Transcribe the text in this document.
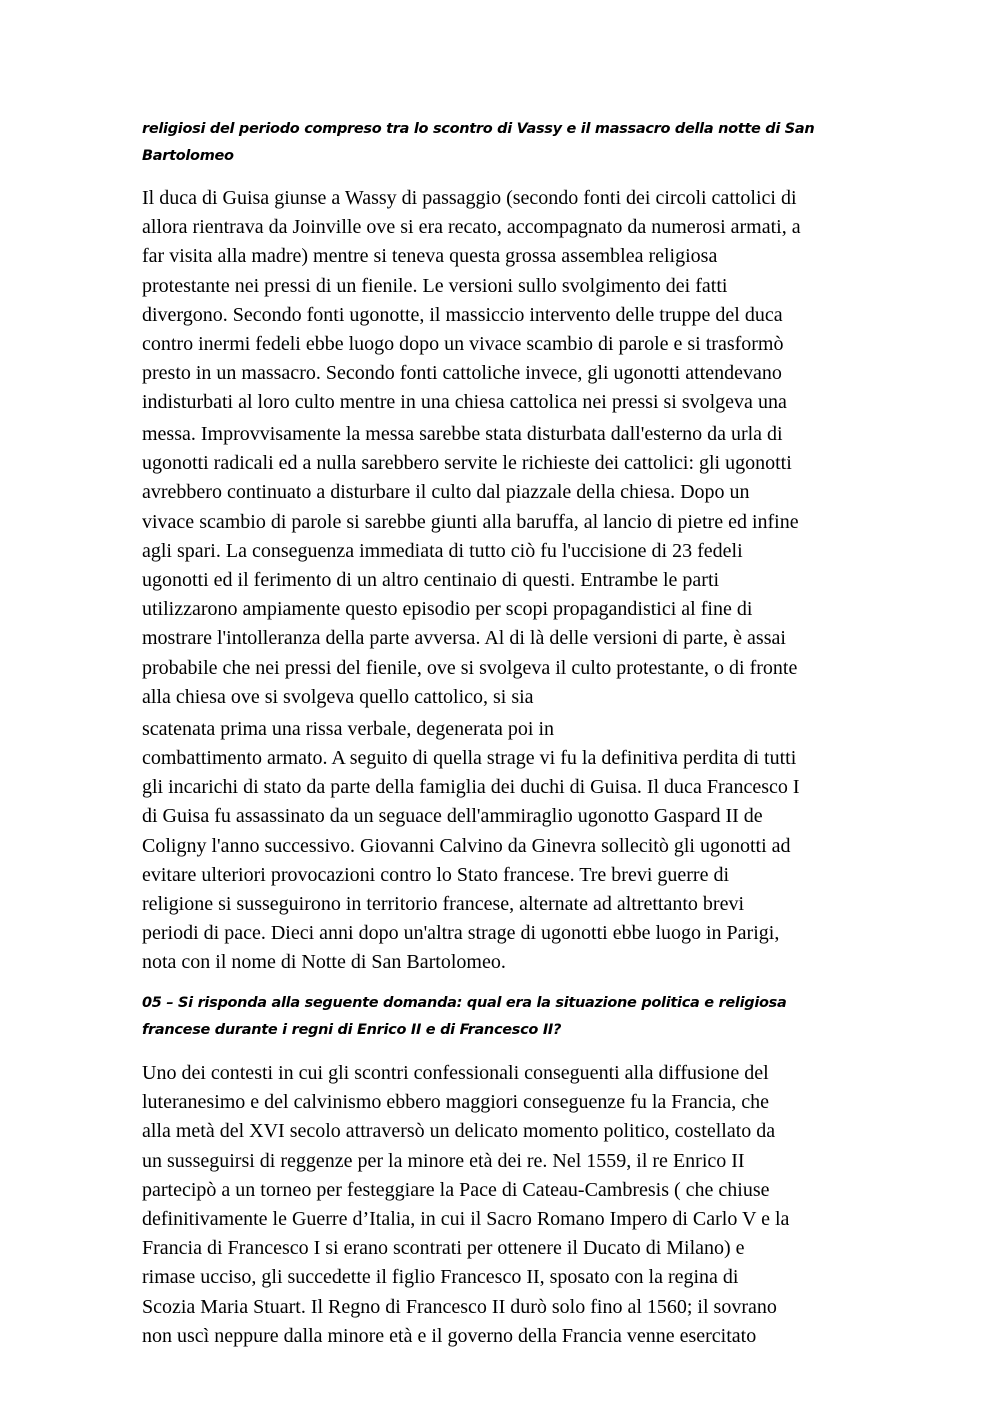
religiosi del periodo compreso tra lo scontro di Vassy e il massacro della notte di San
Bartolomeo
Il duca di Guisa giunse a Wassy di passaggio (secondo fonti dei circoli cattolici di
allora rientrava da Joinville ove si era recato, accompagnato da numerosi armati, a
far visita alla madre) mentre si teneva questa grossa assemblea religiosa
protestante nei pressi di un fienile. Le versioni sullo svolgimento dei fatti
divergono. Secondo fonti ugonotte, il massiccio intervento delle truppe del duca
contro inermi fedeli ebbe luogo dopo un vivace scambio di parole e si trasformò
presto in un massacro. Secondo fonti cattoliche invece, gli ugonotti attendevano
indisturbati al loro culto mentre in una chiesa cattolica nei pressi si svolgeva una
messa. Improvvisamente la messa sarebbe stata disturbata dall'esterno da urla di
ugonotti radicali ed a nulla sarebbero servite le richieste dei cattolici: gli ugonotti
avrebbero continuato a disturbare il culto dal piazzale della chiesa. Dopo un
vivace scambio di parole si sarebbe giunti alla baruffa, al lancio di pietre ed infine
agli spari. La conseguenza immediata di tutto ciò fu l'uccisione di 23 fedeli
ugonotti ed il ferimento di un altro centinaio di questi. Entrambe le parti
utilizzarono ampiamente questo episodio per scopi propagandistici al fine di
mostrare l'intolleranza della parte avversa. Al di là delle versioni di parte, è assai
probabile che nei pressi del fienile, ove si svolgeva il culto protestante, o di fronte
alla chiesa ove si svolgeva quello cattolico, si sia
scatenata prima una rissa verbale, degenerata poi in
combattimento armato. A seguito di quella strage vi fu la definitiva perdita di tutti
gli incarichi di stato da parte della famiglia dei duchi di Guisa. Il duca Francesco I
di Guisa fu assassinato da un seguace dell'ammiraglio ugonotto Gaspard II de
Coligny l'anno successivo. Giovanni Calvino da Ginevra sollecitò gli ugonotti ad
evitare ulteriori provocazioni contro lo Stato francese. Tre brevi guerre di
religione si susseguirono in territorio francese, alternate ad altrettanto brevi
periodi di pace. Dieci anni dopo un'altra strage di ugonotti ebbe luogo in Parigi,
nota con il nome di Notte di San Bartolomeo.
05 – Si risponda alla seguente domanda: qual era la situazione politica e religiosa
francese durante i regni di Enrico II e di Francesco II?
Uno dei contesti in cui gli scontri confessionali conseguenti alla diffusione del
luteranesimo e del calvinismo ebbero maggiori conseguenze fu la Francia, che
alla metà del XVI secolo attraversò un delicato momento politico, costellato da
un susseguirsi di reggenze per la minore età dei re. Nel 1559, il re Enrico II
partecipò a un torneo per festeggiare la Pace di Cateau-Cambresis ( che chiuse
definitivamente le Guerre d’Italia, in cui il Sacro Romano Impero di Carlo V e la
Francia di Francesco I si erano scontrati per ottenere il Ducato di Milano) e
rimase ucciso, gli succedette il figlio Francesco II, sposato con la regina di
Scozia Maria Stuart. Il Regno di Francesco II durò solo fino al 1560; il sovrano
non uscì neppure dalla minore età e il governo della Francia venne esercitato
